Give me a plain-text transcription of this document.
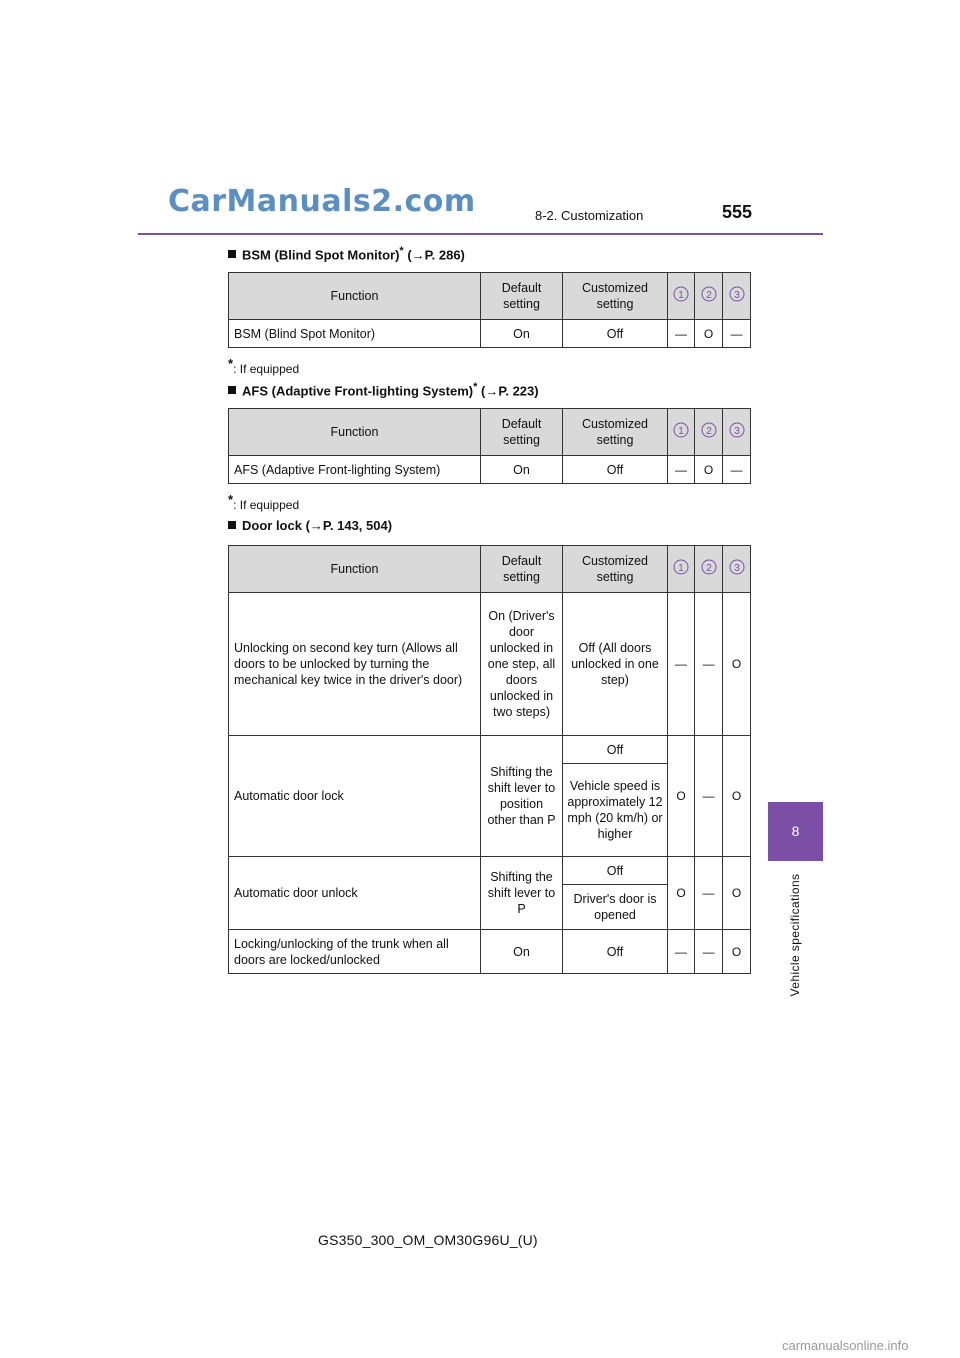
CarManuals2.com	8-2. Customization	555
8
Vehicle specifications
BSM (Blind Spot Monitor)* (→P. 286)
Function	Default setting	Customized setting	1	2	3

BSM (Blind Spot Monitor)	On	Off	—	O	—
*: If equipped
AFS (Adaptive Front-lighting System)* (→P. 223)
Function	Default setting	Customized setting	1	2	3

AFS (Adaptive Front-lighting System)	On	Off	—	O	—
*: If equipped
Door lock (→P. 143, 504)
Function	Default setting	Customized setting	1	2	3

Unlocking on second key turn (Allows all doors to be unlocked by turning the mechanical key twice in the driver's door)	On (Driver's door unlocked in one step, all doors unlocked in two steps)	Off (All doors unlocked in one step)	—	—	O
Automatic door lock	Shifting the shift lever to position other than P	Off	O	—	O
		Vehicle speed is approximately 12 mph (20 km/h) or higher			
Automatic door unlock	Shifting the shift lever to P	Off	O	—	O
		Driver's door is opened			
Locking/unlocking of the trunk when all doors are locked/unlocked	On	Off	—	—	O
GS350_300_OM_OM30G96U_(U)
carmanualsonline.info
